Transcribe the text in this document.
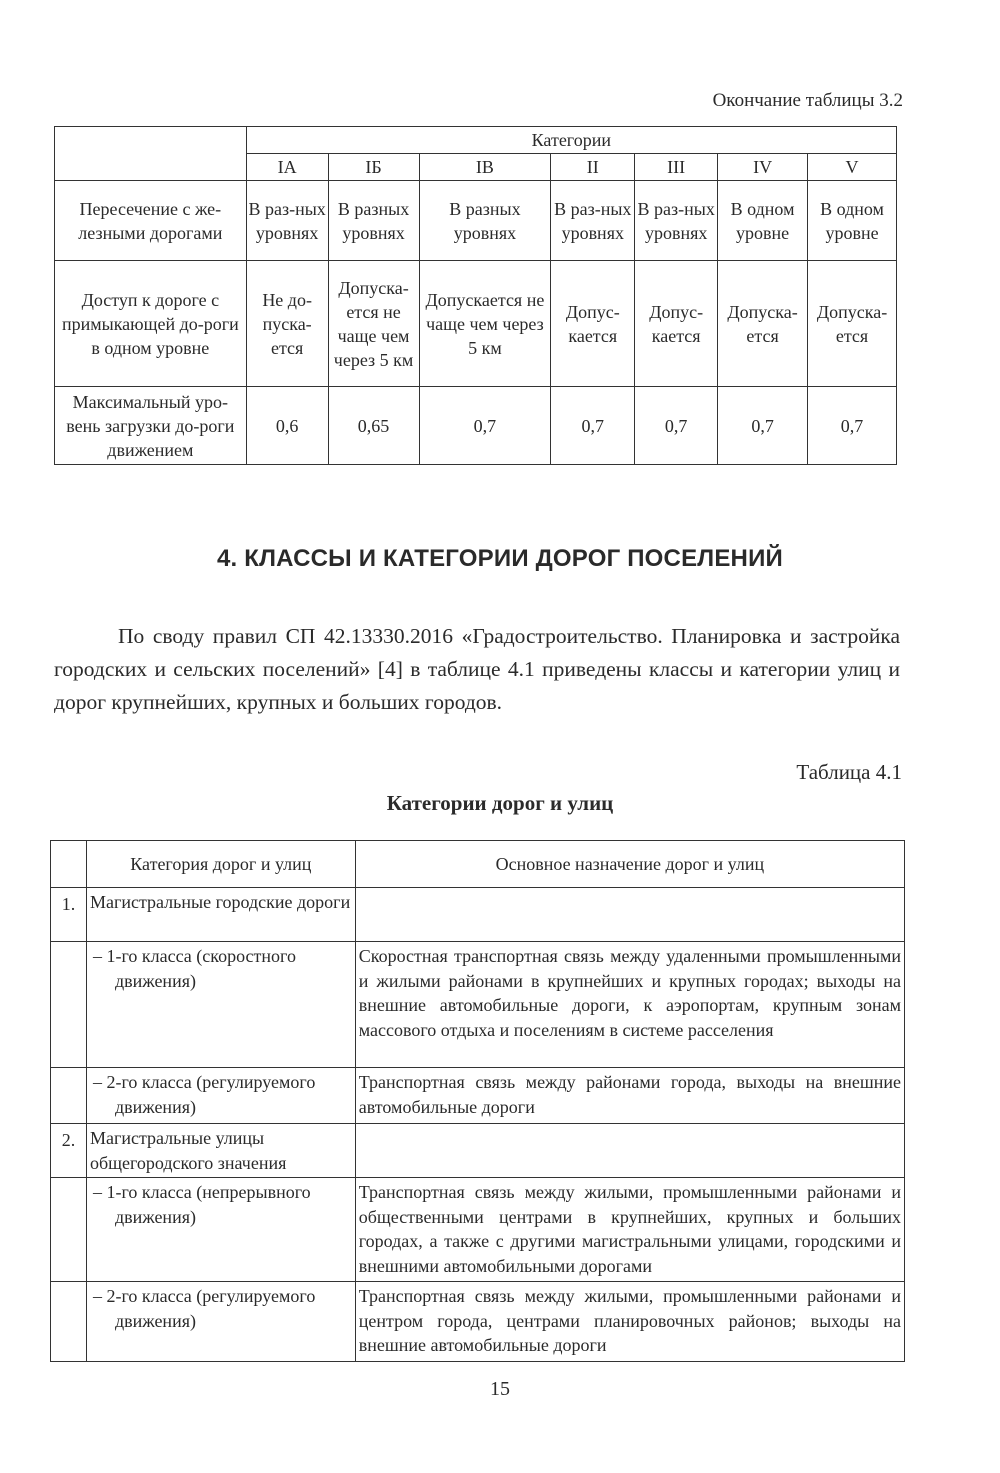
Окончание таблицы 3.2
	Категории						
	IA	IБ	IB	II	III	IV	V
Пересечение с же-лезными дорогами	В раз-ных уровнях	В разных уровнях	В разных уровнях	В раз-ных уровнях	В раз-ных уровнях	В одном уровне	В одном уровне
Доступ к дороге с примыкающей до-роги в одном уровне	Не до-пуска-ется	Допуска-ется не чаще чем через 5 км	Допускается не чаще чем через 5 км	Допус-кается	Допус-кается	Допуска-ется	Допуска-ется
Максимальный уро-вень загрузки до-роги движением	0,6	0,65	0,7	0,7	0,7	0,7	0,7
4. КЛАССЫ И КАТЕГОРИИ ДОРОГ ПОСЕЛЕНИЙ
По своду правил СП 42.13330.2016 «Градостроительство. Планировка и застройка городских и сельских поселений» [4] в таблице 4.1 приведены классы и категории улиц и дорог крупнейших, крупных и больших городов.
Таблица 4.1
Категории дорог и улиц
	Категория дорог и улиц	Основное назначение дорог и улиц
1.	Магистральные городские дороги	
	– 1-го класса (скоростного движения)	Скоростная транспортная связь между удаленными промышленными и жилыми районами в крупнейших и крупных городах; выходы на внешние автомобильные дороги, к аэропортам, крупным зонам массового отдыха и поселениям в системе расселения
	– 2-го класса (регулируемого движения)	Транспортная связь между районами города, выходы на внешние автомобильные дороги
2.	Магистральные улицы общегородского значения	
	– 1-го класса (непрерывного движения)	Транспортная связь между жилыми, промышленными районами и общественными центрами в крупнейших, крупных и больших городах, а также с другими магистральными улицами, городскими и внешними автомобильными дорогами
	– 2-го класса (регулируемого движения)	Транспортная связь между жилыми, промышленными районами и центром города, центрами планировочных районов; выходы на внешние автомобильные дороги
15
